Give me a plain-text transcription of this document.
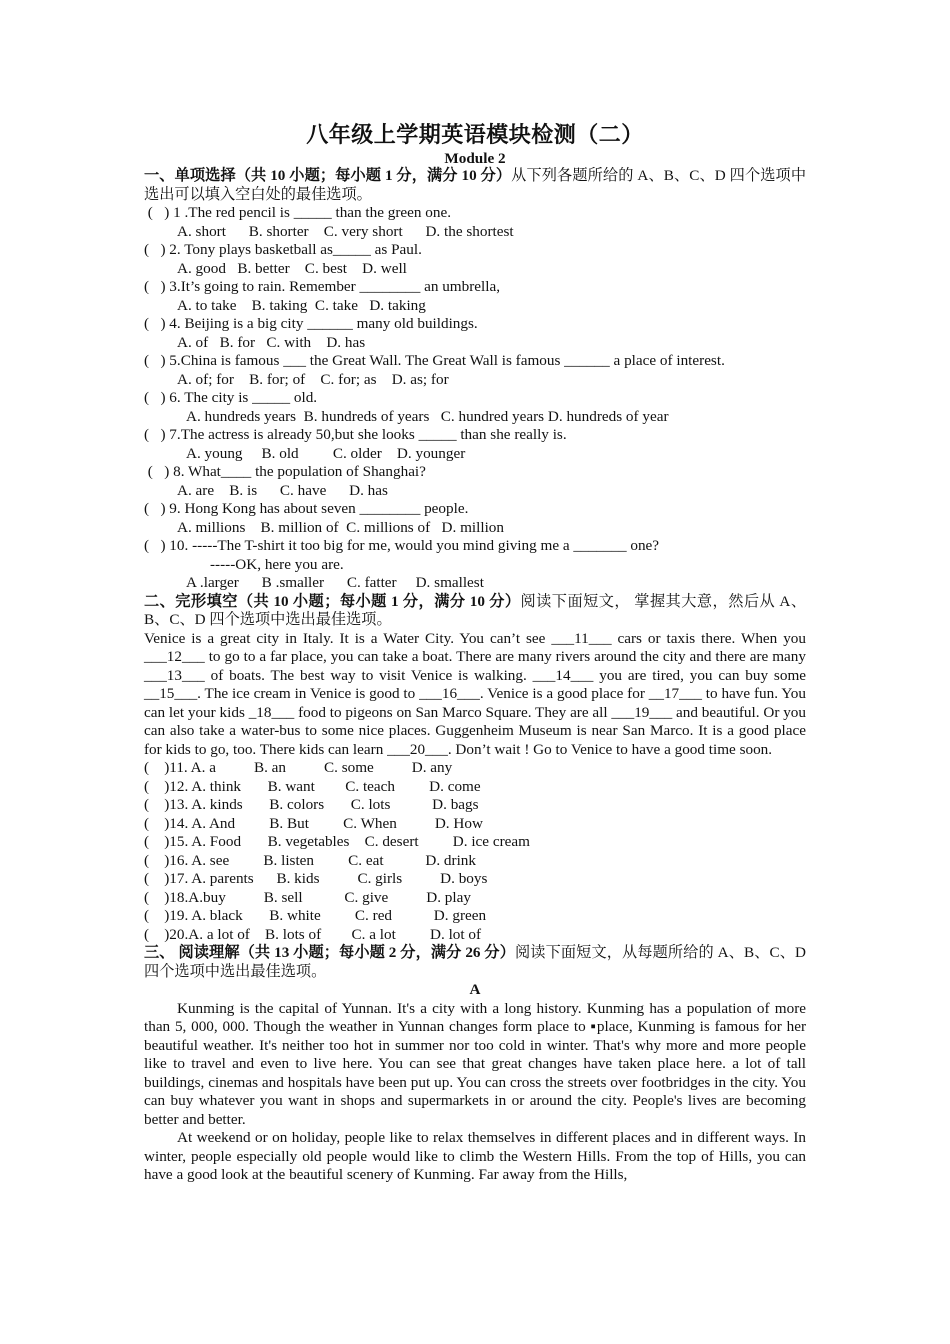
八年级上学期英语模块检测（二）
Module 2
一、单项选择（共 10 小题；每小题 1 分，满分 10 分）从下列各题所给的 A、B、C、D 四个选项中选出可以填入空白处的最佳选项。
(   ) 1 .The red pencil is _____ than the green one.
A. short      B. shorter    C. very short      D. the shortest
(   ) 2. Tony plays basketball as_____ as Paul.
A. good   B. better    C. best    D. well
(   ) 3.It’s going to rain. Remember ________ an umbrella,
A. to take    B. taking  C. take   D. taking
(   ) 4. Beijing is a big city ______ many old buildings.
A. of   B. for   C. with    D. has
(   ) 5.China is famous ___ the Great Wall. The Great Wall is famous ______ a place of interest.
A. of; for    B. for; of    C. for; as    D. as; for
(   ) 6. The city is _____ old.
A. hundreds years  B. hundreds of years   C. hundred years D. hundreds of year
(   ) 7.The actress is already 50,but she looks _____ than she really is.
A. young     B. old         C. older    D. younger
(   ) 8. What____ the population of Shanghai?
A. are    B. is      C. have      D. has
(   ) 9. Hong Kong has about seven ________ people.
A. millions    B. million of  C. millions of   D. million
(   ) 10. -----The T-shirt it too big for me, would you mind giving me a _______ one?
-----OK, here you are.
A .larger      B .smaller      C. fatter     D. smallest
二、完形填空（共 10 小题；每小题 1 分，满分 10 分）阅读下面短文， 掌握其大意，然后从 A、B、C、D 四个选项中选出最佳选项。
Venice is a great city in Italy. It is a Water City. You can’t see ___11___ cars or taxis there. When you ___12___ to go to a far place, you can take a boat. There are many rivers around the city and there are many ___13___ of boats. The best way to visit Venice is walking. ___14___ you are tired, you can buy some __15___. The ice cream in Venice is good to ___16___. Venice is a good place for __17___ to have fun. You can let your kids _18___ food to pigeons on San Marco Square. They are all ___19___ and beautiful. Or you can also take a water-bus to some nice places. Guggenheim Museum is near San Marco. It is a good place for kids to go, too. There kids can learn ___20___. Don’t wait ! Go to Venice to have a good time soon.
(    )11. A. a          B. an          C. some          D. any
(    )12. A. think       B. want        C. teach         D. come
(    )13. A. kinds       B. colors       C. lots           D. bags
(    )14. A. And         B. But         C. When          D. How
(    )15. A. Food       B. vegetables    C. desert         D. ice cream
(    )16. A. see         B. listen         C. eat           D. drink
(    )17. A. parents      B. kids          C. girls          D. boys
(    )18.A.buy          B. sell           C. give          D. play
(    )19. A. black       B. white         C. red           D. green
(    )20.A. a lot of    B. lots of        C. a lot         D. lot of
三、 阅读理解（共 13 小题；每小题 2 分，满分 26 分）阅读下面短文，从每题所给的 A、B、C、D 四个选项中选出最佳选项。
A
Kunming is the capital of Yunnan. It's a city with a long history. Kunming has a population of more than 5, 000, 000. Though the weather in Yunnan changes form place to ▪place, Kunming is famous for her beautiful weather. It's neither too hot in summer nor too cold in winter. That's why more and more people like to travel and even to live here. You can see that great changes have taken place here. a lot of tall buildings, cinemas and hospitals have been put up. You can cross the streets over footbridges in the city. You can buy whatever you want in shops and supermarkets in or around the city. People's lives are becoming better and better.
At weekend or on holiday, people like to relax themselves in different places and in different ways. In winter, people especially old people would like to climb the Western Hills. From the top of Hills, you can have a good look at the beautiful scenery of Kunming. Far away from the Hills,
